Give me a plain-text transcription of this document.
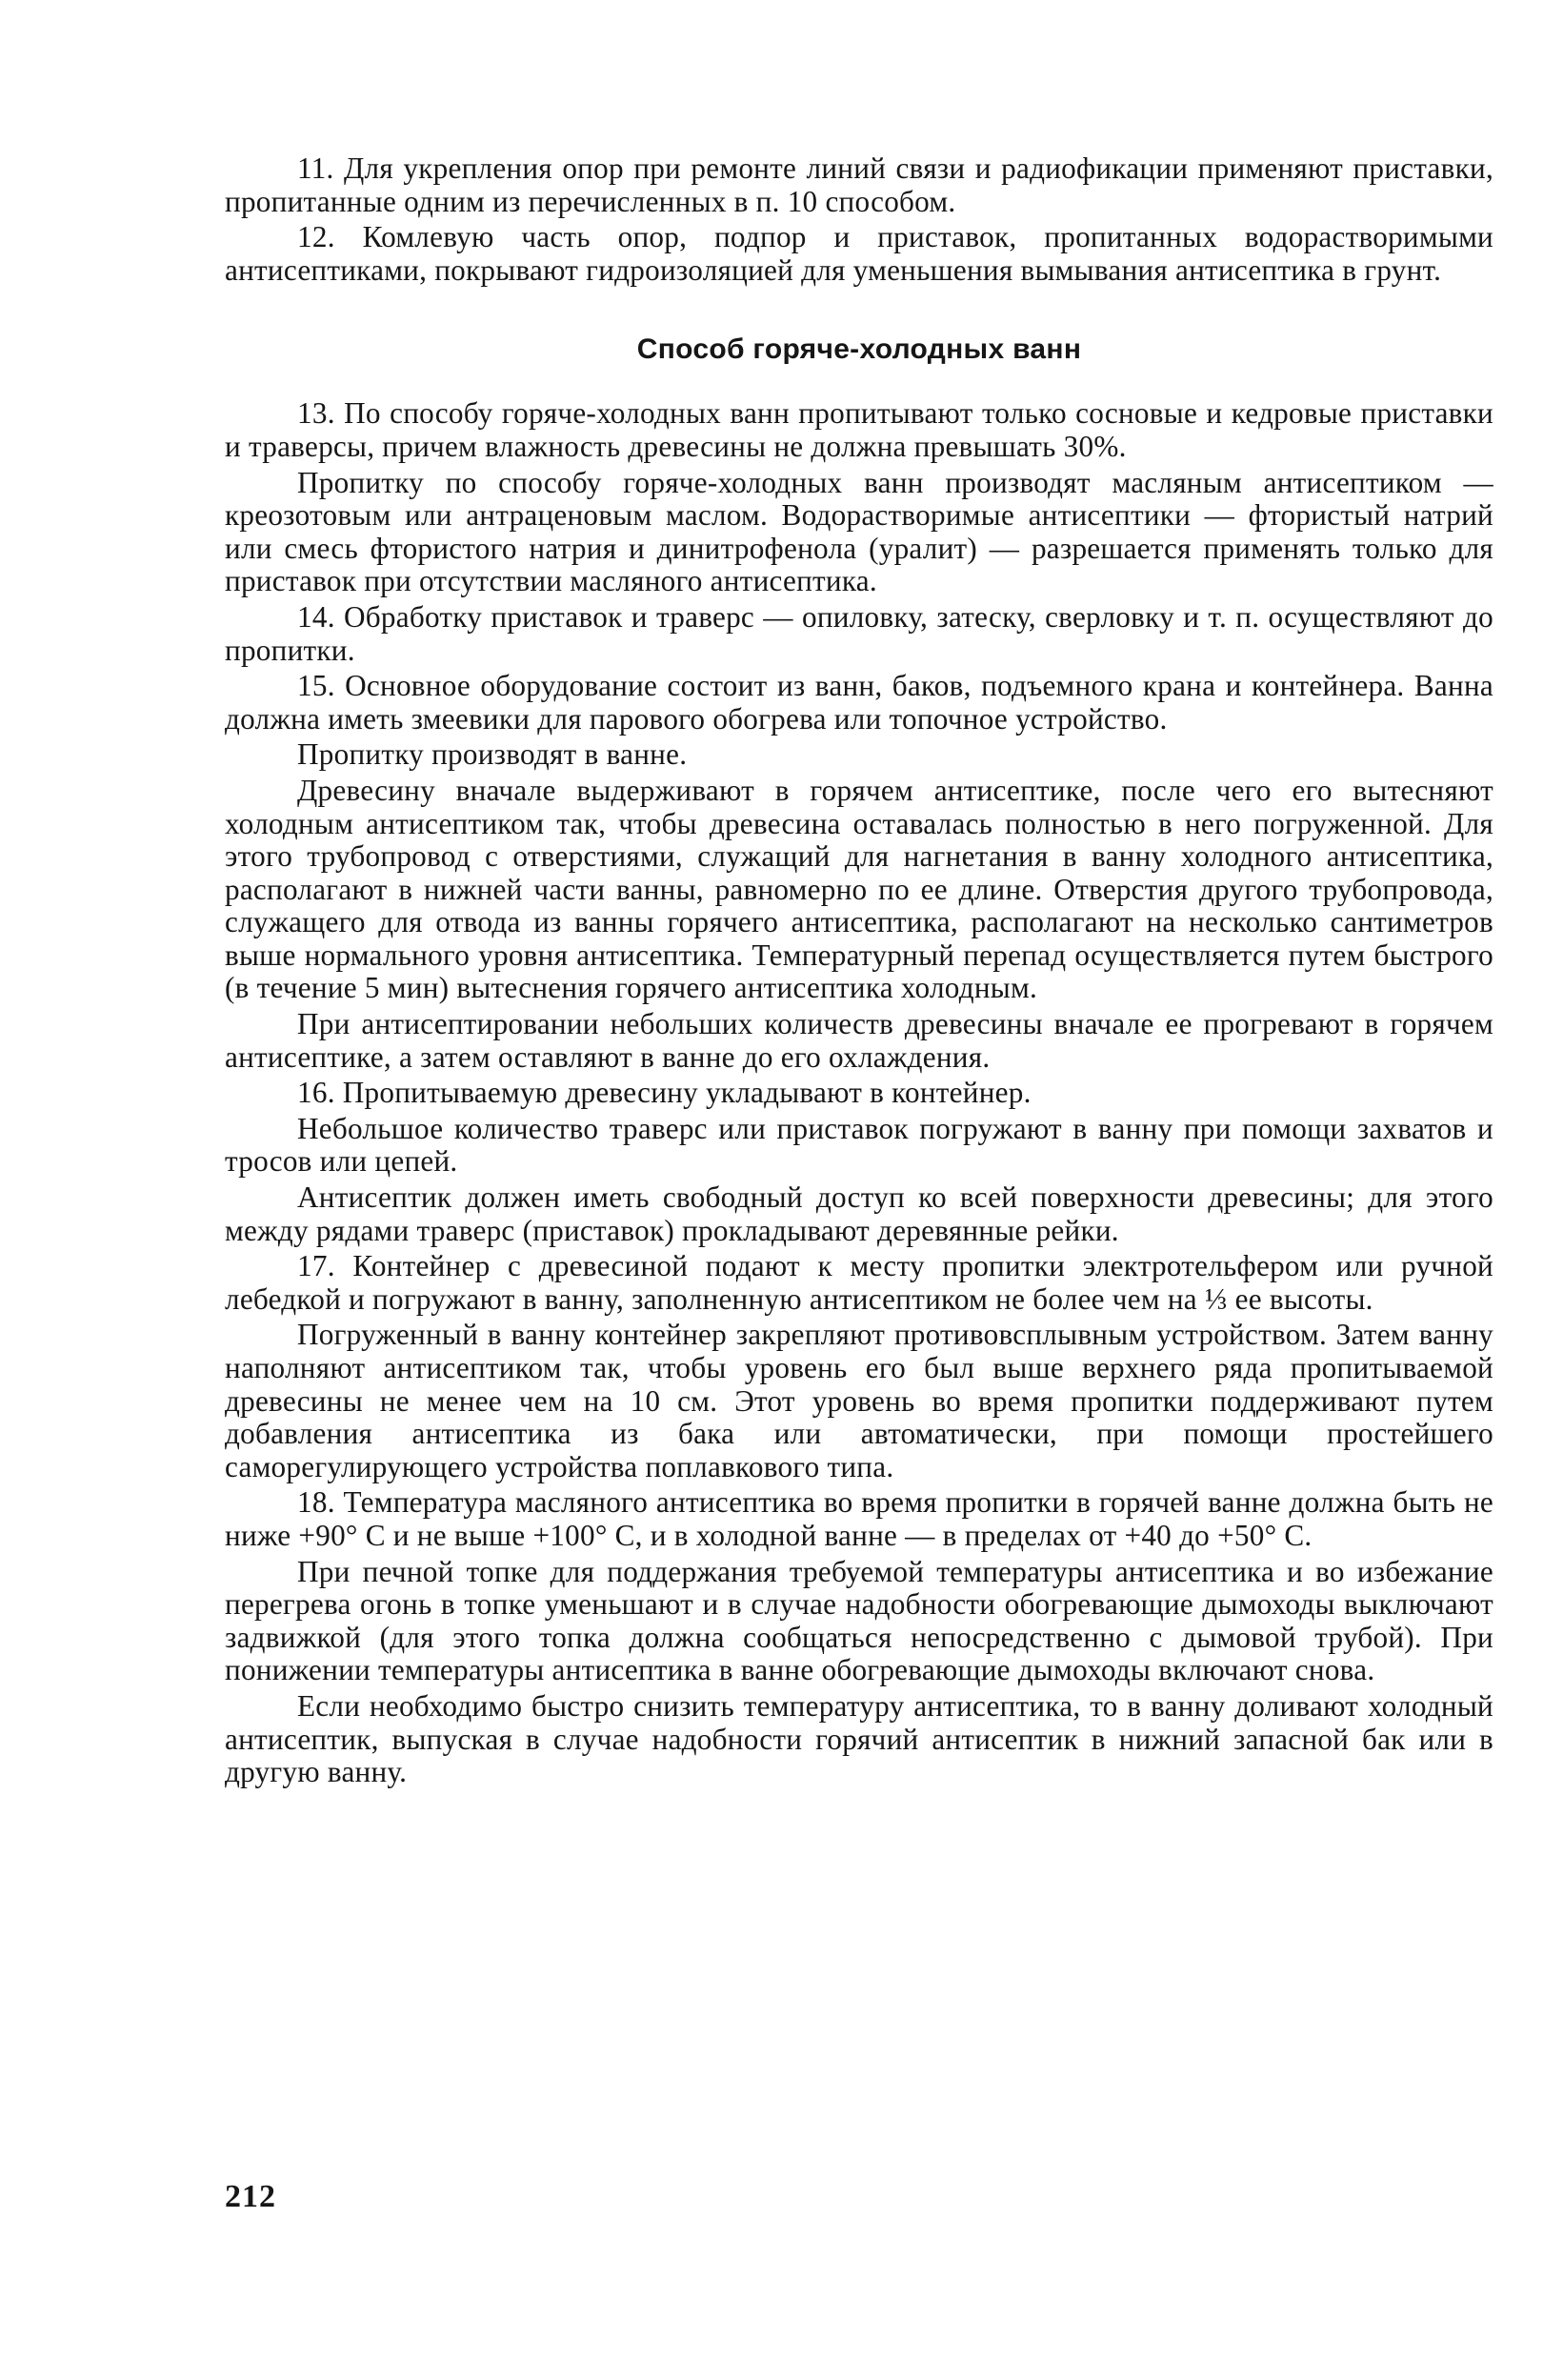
11. Для укрепления опор при ремонте линий связи и радиофикации применяют приставки, пропитанные одним из перечисленных в п. 10 способом.

12. Комлевую часть опор, подпор и приставок, пропитанных водорастворимыми антисептиками, покрывают гидроизоляцией для уменьшения вымывания антисептика в грунт.

Способ горяче-холодных ванн

13. По способу горяче-холодных ванн пропитывают только сосновые и кедровые приставки и траверсы, причем влажность древесины не должна превышать 30%.

Пропитку по способу горяче-холодных ванн производят масляным антисептиком — креозотовым или антраценовым маслом. Водорастворимые антисептики — фтористый натрий или смесь фтористого натрия и динитрофенола (уралит) — разрешается применять только для приставок при отсутствии масляного антисептика.

14. Обработку приставок и траверс — опиловку, затеску, сверловку и т. п. осуществляют до пропитки.

15. Основное оборудование состоит из ванн, баков, подъемного крана и контейнера. Ванна должна иметь змеевики для парового обогрева или топочное устройство.

Пропитку производят в ванне.

Древесину вначале выдерживают в горячем антисептике, после чего его вытесняют холодным антисептиком так, чтобы древесина оставалась полностью в него погруженной. Для этого трубопровод с отверстиями, служащий для нагнетания в ванну холодного антисептика, располагают в нижней части ванны, равномерно по ее длине. Отверстия другого трубопровода, служащего для отвода из ванны горячего антисептика, располагают на несколько сантиметров выше нормального уровня антисептика. Температурный перепад осуществляется путем быстрого (в течение 5 мин) вытеснения горячего антисептика холодным.

При антисептировании небольших количеств древесины вначале ее прогревают в горячем антисептике, а затем оставляют в ванне до его охлаждения.

16. Пропитываемую древесину укладывают в контейнер.

Небольшое количество траверс или приставок погружают в ванну при помощи захватов и тросов или цепей.

Антисептик должен иметь свободный доступ ко всей поверхности древесины; для этого между рядами траверс (приставок) прокладывают деревянные рейки.

17. Контейнер с древесиной подают к месту пропитки электротельфером или ручной лебедкой и погружают в ванну, заполненную антисептиком не более чем на ⅓ ее высоты.

Погруженный в ванну контейнер закрепляют противовсплывным устройством. Затем ванну наполняют антисептиком так, чтобы уровень его был выше верхнего ряда пропитываемой древесины не менее чем на 10 см. Этот уровень во время пропитки поддерживают путем добавления антисептика из бака или автоматически, при помощи простейшего саморегулирующего устройства поплавкового типа.

18. Температура масляного антисептика во время пропитки в горячей ванне должна быть не ниже +90° С и не выше +100° С, и в холодной ванне — в пределах от +40 до +50° С.

При печной топке для поддержания требуемой температуры антисептика и во избежание перегрева огонь в топке уменьшают и в случае надобности обогревающие дымоходы выключают задвижкой (для этого топка должна сообщаться непосредственно с дымовой трубой). При понижении температуры антисептика в ванне обогревающие дымоходы включают снова.

Если необходимо быстро снизить температуру антисептика, то в ванну доливают холодный антисептик, выпуская в случае надобности горячий антисептик в нижний запасной бак или в другую ванну.

212
